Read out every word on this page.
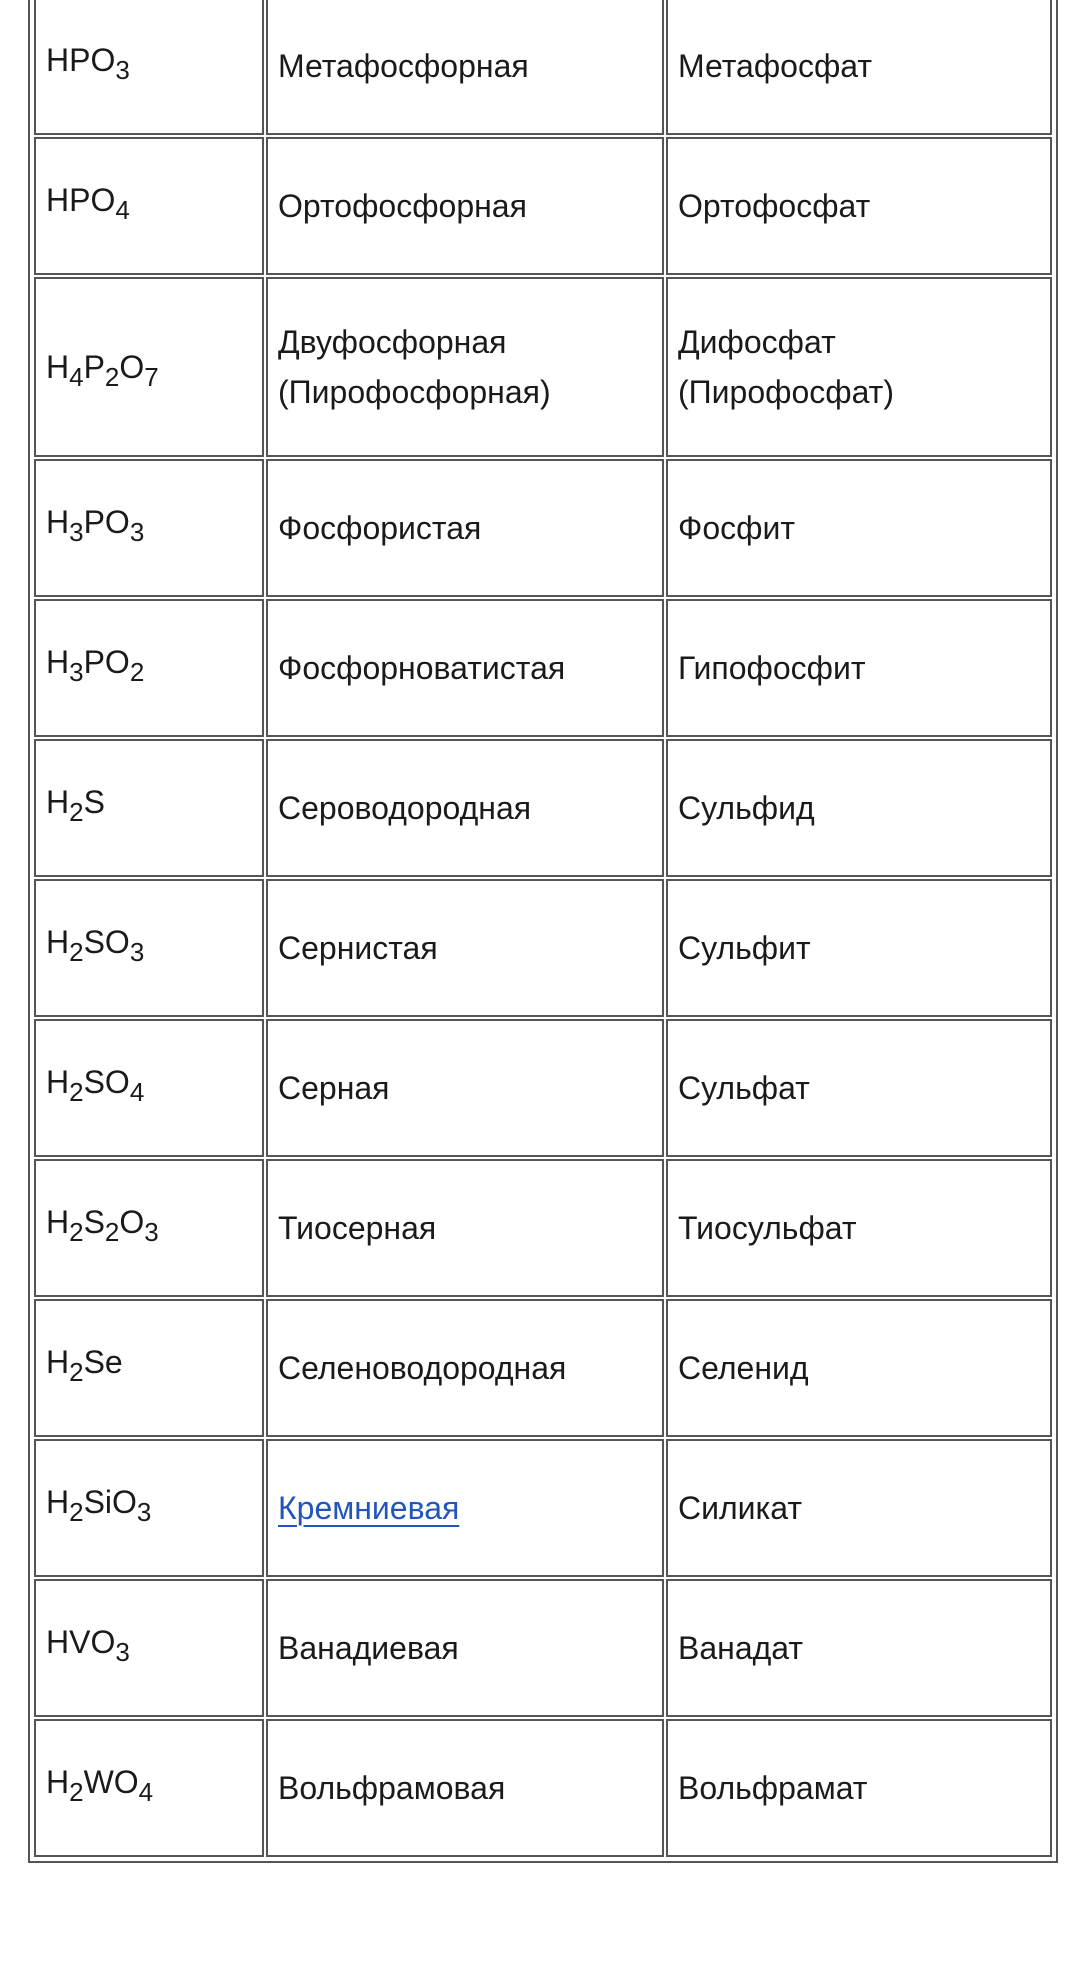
$HPO_3$	Метафосфорная	Метафосфат
$HPO_4$	Ортофосфорная	Ортофосфат
$H_4P_2O_7$	Двуфосфорная (Пирофосфорная)	Дифосфат (Пирофосфат)
$H_3PO_3$	Фосфористая	Фосфит
$H_3PO_2$	Фосфорноватистая	Гипофосфит
$H_2S$	Сероводородная	Сульфид
$H_2SO_3$	Сернистая	Сульфит
$H_2SO_4$	Серная	Сульфат
$H_2S_2O_3$	Тиосерная	Тиосульфат
$H_2Se$	Селеноводородная	Селенид
$H_2SiO_3$	Кремниевая	Силикат
$HVO_3$	Ванадиевая	Ванадат
$H_2WO_4$	Вольфрамовая	Вольфрамат
